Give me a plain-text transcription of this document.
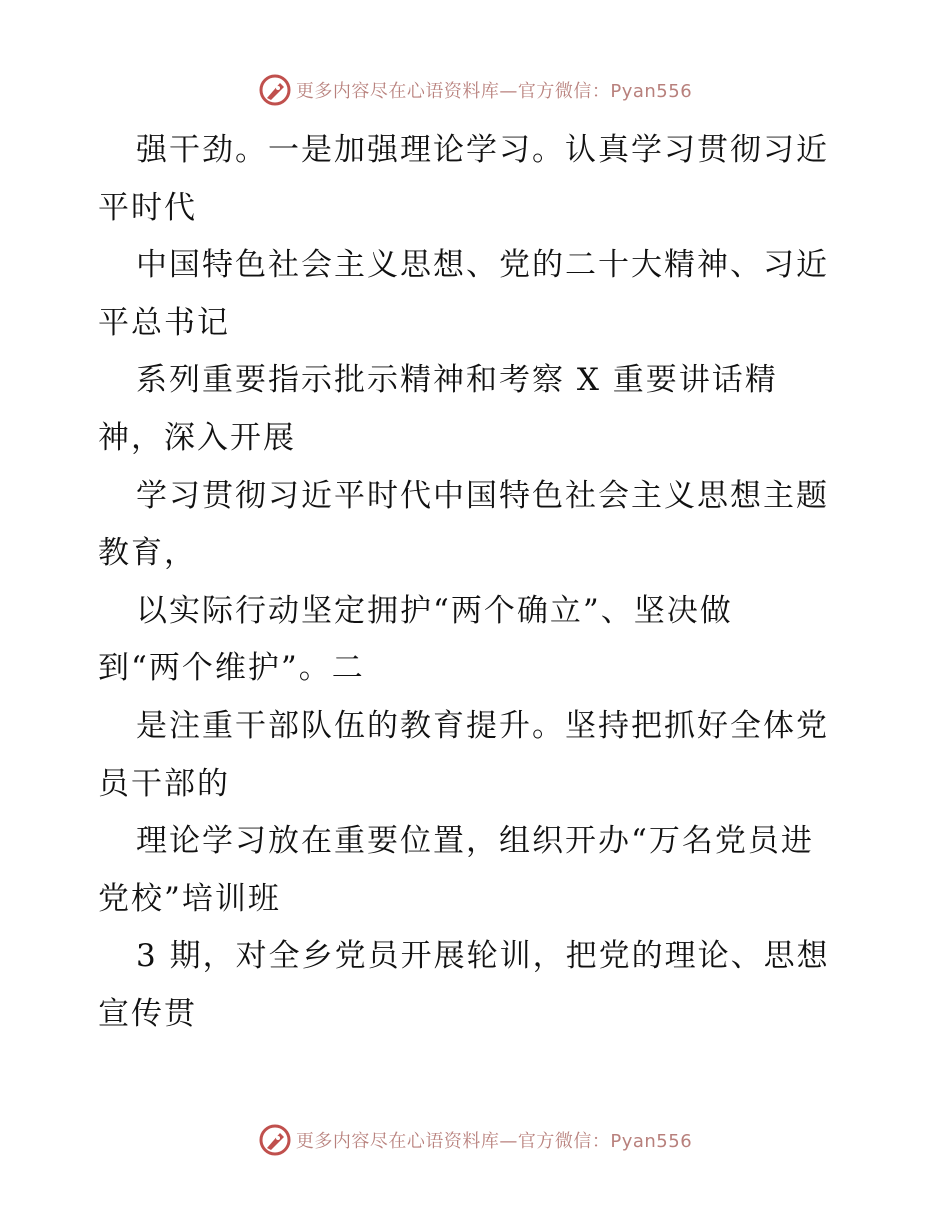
更多内容尽在心语资料库—官方微信：Pyan556
强干劲。一是加强理论学习。认真学习贯彻习近
平时代
中国特色社会主义思想、党的二十大精神、习近
平总书记
系列重要指示批示精神和考察 X 重要讲话精
神，深入开展
学习贯彻习近平时代中国特色社会主义思想主题
教育，
以实际行动坚定拥护“两个确立”、坚决做
到“两个维护”。二
是注重干部队伍的教育提升。坚持把抓好全体党
员干部的
理论学习放在重要位置，组织开办“万名党员进
党校”培训班
3 期，对全乡党员开展轮训，把党的理论、思想
宣传贯
更多内容尽在心语资料库—官方微信：Pyan556
